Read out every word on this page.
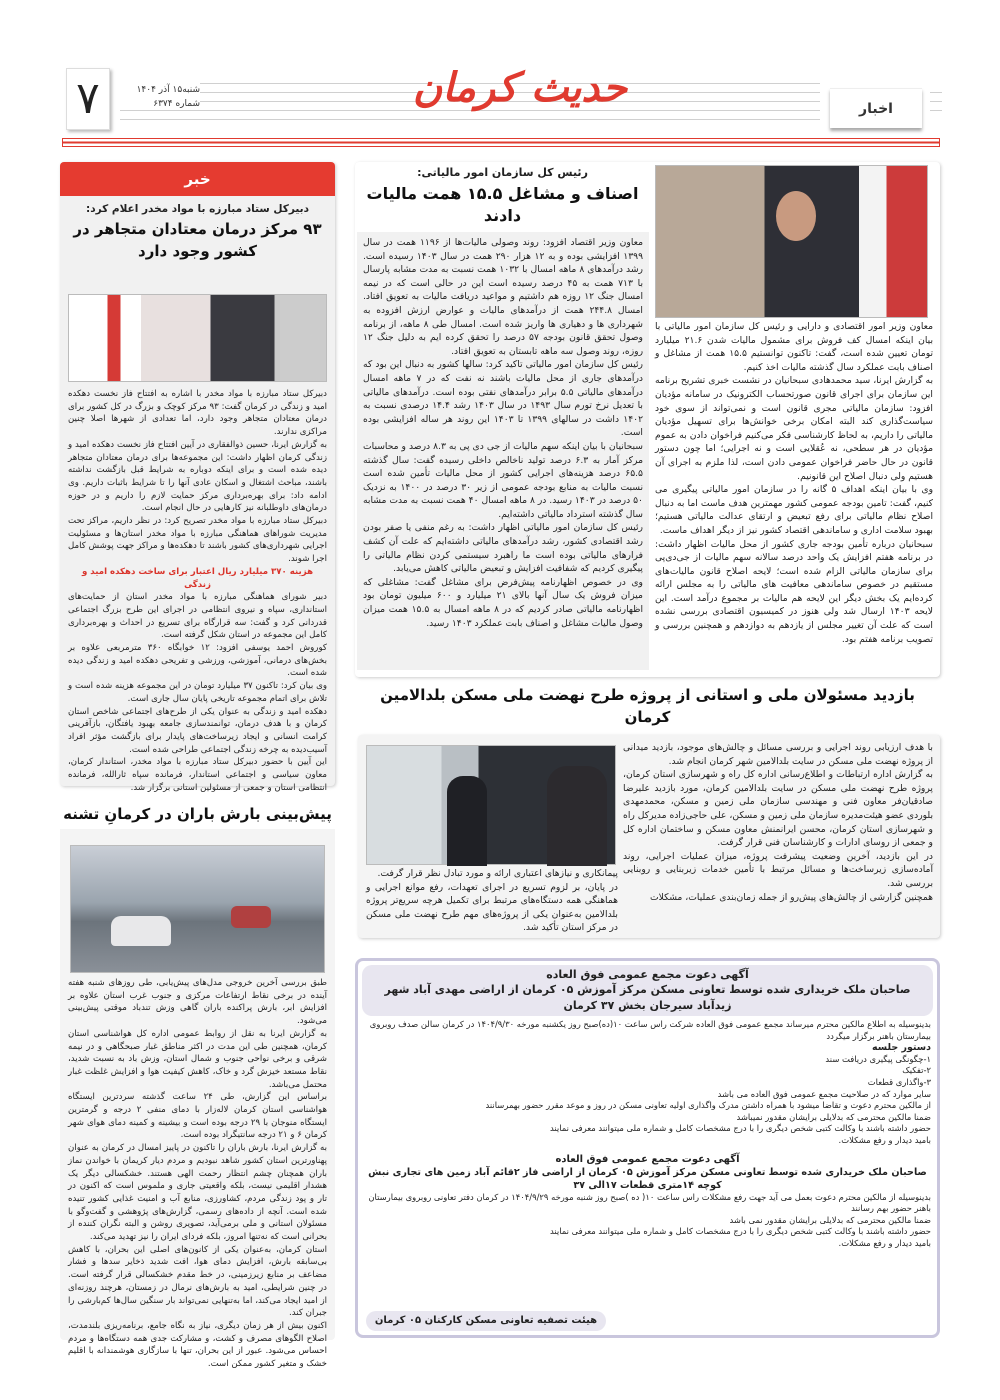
۷	شنبه۱۵ آذر ۱۴۰۴
شماره ۶۳۷۴	حدیث کرمان	اخبار
خبر
دبیرکل ستاد مبارزه با مواد مخدر اعلام کرد:
۹۳ مرکز درمان معتادان متجاهر در کشور وجود دارد

دبیرکل ستاد مبارزه با مواد مخدر با اشاره به افتتاح فاز نخست دهکده امید و زندگی در کرمان گفت: ۹۳ مرکز کوچک و بزرگ در کل کشور برای درمان معتادان متجاهر وجود دارد، اما تعدادی از شهرها اصلا چنین مراکزی ندارند.

به گزارش ایرنا، حسین ذوالفقاری در آیین افتتاح فاز نخست دهکده امید و زندگی کرمان اظهار داشت: این مجموعه‌ها برای درمان معتادان متجاهر دیده شده است و برای اینکه دوباره به شرایط قبل بازگشت نداشته باشند، مباحث اشتغال و اسکان عادی آنها را تا شرایط باثبات داریم. وی ادامه داد: برای بهره‌برداری مرکز حمایت لازم را داریم و در حوزه درمان‌های داوطلبانه نیز کارهایی در حال انجام است.

دبیرکل ستاد مبارزه با مواد مخدر تصریح کرد: در نظر داریم، مراکز تحت مدیریت شوراهای هماهنگی مبارزه با مواد مخدر استان‌ها و مسئولیت اجرایی شهرداری‌های کشور باشند تا دهکده‌ها و مراکز جهت پوشش کامل اجرا شوند.

هزینه ۳۷۰ میلیارد ریال اعتبار برای ساخت دهکده امید و زندگی

دبیر شورای هماهنگی مبارزه با مواد مخدر استان از حمایت‌های استانداری، سپاه و نیروی انتظامی در اجرای این طرح بزرگ اجتماعی قدردانی کرد و گفت: سه قرارگاه برای تسریع در احداث و بهره‌برداری کامل این مجموعه در استان شکل گرفته است.

کوروش احمد یوسفی افزود: ۱۲ خوابگاه ۳۶۰ مترمربعی علاوه بر بخش‌های درمانی، آموزشی، ورزشی و تفریحی دهکده امید و زندگی دیده شده است.

وی بیان کرد: تاکنون ۳۷ میلیارد تومان در این مجموعه هزینه شده است و تلاش برای اتمام مجموعه تاریخی پایان سال جاری است.

دهکده امید و زندگی به عنوان یکی از طرح‌های اجتماعی شاخص استان کرمان و با هدف درمان، توانمندسازی جامعه بهبود یافتگان، بازآفرینی کرامت انسانی و ایجاد زیرساخت‌های پایدار برای بازگشت مؤثر افراد آسیب‌دیده به چرخه زندگی اجتماعی طراحی شده است.

این آیین با حضور دبیرکل ستاد مبارزه با مواد مخدر، استاندار کرمان، معاون سیاسی و اجتماعی استاندار، فرمانده سپاه ثارالله، فرمانده انتظامی استان و جمعی از مسئولین استانی برگزار شد.

پیش‌بینی بارش باران در کرمانِ تشنه

طبق بررسی آخرین خروجی مدل‌های پیش‌یابی، طی روزهای شنبه هفته آینده در برخی نقاط ارتفاعات مرکزی و جنوب غرب استان علاوه بر افزایش ابر، بارش پراکنده باران گاهی وزش تندباد موقتی پیش‌بینی می‌شود.

به گزارش ایرنا به نقل از روابط عمومی اداره کل هواشناسی استان کرمان، همچنین طی این مدت در اکثر مناطق غبار صبحگاهی و در نیمه شرقی و برخی نواحی جنوب و شمال استان، وزش باد به نسبت شدید، نقاط مستعد خیزش گرد و خاک، کاهش کیفیت هوا و افزایش غلظت غبار محتمل می‌باشد.

براساس این گزارش، طی ۲۴ ساعت گذشته سردترین ایستگاه هواشناسی استان کرمان لاله‌زار با دمای منفی ۲ درجه و گرمترین ایستگاه منوجان با ۲۹ درجه بوده است و بیشینه و کمینه دمای هوای شهر کرمان ۶ و ۲۱ درجه سانتیگراد بوده است.

به گزارش ایرنا، بارش باران را تاکنون در پاییز امسال در کرمان به عنوان پهناورترین استان کشور شاهد نبودیم و مردم دیار کریمان با خواندن نماز باران همچنان چشم انتظار رحمت الهی هستند. خشکسالی دیگر یک هشدار اقلیمی نیست، بلکه واقعیتی جاری و ملموس است که اکنون در تار و پود زندگی مردم، کشاورزی، منابع آب و امنیت غذایی کشور تنیده شده است. آنچه از داده‌های رسمی، گزارش‌های پژوهشی و گفت‌وگو با مسئولان استانی و ملی برمی‌آید، تصویری روشن و البته نگران کننده از بحرانی است که نه‌تنها امروز، بلکه فردای ایران را نیز تهدید می‌کند.

استان کرمان، به‌عنوان یکی از کانون‌های اصلی این بحران، با کاهش بی‌سابقه بارش، افزایش دمای هوا، افت شدید ذخایر سدها و فشار مضاعف بر منابع زیرزمینی، در خط مقدم خشکسالی قرار گرفته است. در چنین شرایطی، امید به بارش‌های نرمال در زمستان، هرچند روزنه‌ای از امید ایجاد می‌کند، اما به‌تنهایی نمی‌تواند بار سنگین سال‌ها کم‌بارشی را جبران کند.

اکنون بیش از هر زمان دیگری، نیاز به نگاه جامع، برنامه‌ریزی بلندمدت، اصلاح الگوهای مصرف و کشت، و مشارکت جدی همه دستگاه‌ها و مردم احساس می‌شود. عبور از این بحران، تنها با سازگاری هوشمندانه با اقلیم خشک و متغیر کشور ممکن است.

رئیس کل سازمان امور مالیاتی:
اصناف و مشاغل ۱۵.۵ همت مالیات دادند

معاون وزیر اقتصاد افزود: روند وصولی مالیات‌ها از ۱۱۹۶ همت در سال ۱۳۹۹ افزایشی بوده و به ۱۲ هزار ۲۹۰ همت در سال ۱۴۰۳ رسیده است. رشد درآمدهای ۸ ماهه امسال با ۱۰۳۲ همت نسبت به مدت مشابه پارسال با ۷۱۳ همت به ۴۵ درصد رسیده است این در حالی است که در نیمه امسال جنگ ۱۲ روزه هم داشتیم و مواعید دریافت مالیات به تعویق افتاد. امسال ۲۴۴.۸ همت از درآمدهای مالیات و عوارض ارزش افزوده به شهرداری ها و دهیاری ها واریز شده است. امسال طی ۸ ماهه، از برنامه وصول تحقق قانون بودجه ۵۷ درصد را تحقق کرده ایم به دلیل جنگ ۱۲ روزه، روند وصول سه ماهه تابستان به تعویق افتاد.

رئیس کل سازمان امور مالیاتی تاکید کرد: سالها کشور به دنبال این بود که درآمدهای جاری از محل مالیات باشند نه نفت که در ۷ ماهه امسال درآمدهای مالیاتی ۵.۵ برابر درآمدهای نفتی بوده است. درآمدهای مالیاتی با تعدیل نرخ تورم سال ۱۴۹۳ در سال ۱۴۰۳ رشد ۱۴.۴ درصدی نسبت به ۱۴۰۲ داشت در سالهای ۱۳۹۹ تا ۱۴۰۳ این روند هر ساله افزایشی بوده است.

سبحانیان با بیان اینکه سهم مالیات از جی دی پی به ۸.۳ درصد و محاسبات مرکز آمار به ۶.۳ درصد تولید ناخالص داخلی رسیده گفت: سال گذشته ۶۵.۵ درصد هزینه‌های اجرایی کشور از محل مالیات تأمین شده است نسبت مالیات به منابع بودجه عمومی از زیر ۳۰ درصد در ۱۴۰۰ به نزدیک ۵۰ درصد در ۱۴۰۳ رسید. در ۸ ماهه امسال ۴۰ همت نسبت به مدت مشابه سال گذشته استرداد مالیاتی داشته‌ایم.

رئیس کل سازمان امور مالیاتی اظهار داشت: به رغم منفی یا صفر بودن رشد اقتصادی کشور، رشد درآمدهای مالیاتی داشته‌ایم که علت آن کشف فرارهای مالیاتی بوده است ما راهبرد سیستمی کردن نظام مالیاتی را پیگیری کردیم که شفافیت افزایش و تبعیض مالیاتی کاهش می‌یابد.

وی در خصوص اظهارنامه پیش‌فرض برای مشاغل گفت: مشاغلی که میزان فروش یک سال آنها بالای ۲۱ میلیارد و ۶۰۰ میلیون تومان بود اظهارنامه مالیاتی صادر کردیم که در ۸ ماهه امسال به ۱۵.۵ همت میزان وصول مالیات مشاغل و اصناف بابت عملکرد ۱۴۰۳ رسید.

معاون وزیر امور اقتصادی و دارایی و رئیس کل سازمان امور مالیاتی با بیان اینکه امسال کف فروش برای مشمول مالیات شدن ۲۱.۶ میلیارد تومان تعیین شده است، گفت: تاکنون توانستیم ۱۵.۵ همت از مشاغل و اصناف بابت عملکرد سال گذشته مالیات اخذ کنیم.

به گزارش ایرنا، سید محمدهادی سبحانیان در نشست خبری تشریح برنامه این سازمان برای اجرای قانون صورتحساب الکترونیک در سامانه مؤدیان افزود: سازمان مالیاتی مجری قانون است و نمی‌تواند از سوی خود سیاست‌گذاری کند البته امکان برخی خوانش‌ها برای تسهیل مؤدیان مالیاتی را داریم، به لحاظ کارشناسی فکر می‌کنیم فراخوان دادن به عموم مؤدیان در هر سطحی، نه عُقلایی است و نه اجرایی؛ اما چون دستور قانون در حال حاضر فراخوان عمومی دادن است، لذا ملزم به اجرای آن هستیم ولی دنبال اصلاح این قانونیم.

وی با بیان اینکه اهداف ۵ گانه را در سازمان امور مالیاتی پیگیری می کنیم، گفت: تامین بودجه عمومی کشور مهمترین هدف ماست اما به دنبال اصلاح نظام مالیاتی برای رفع تبعیض و ارتقای عدالت مالیاتی هستیم؛ بهبود سلامت اداری و ساماندهی اقتصاد کشور نیز از دیگر اهداف ماست.

سبحانیان درباره تأمین بودجه جاری کشور از محل مالیات اظهار داشت: در برنامه هفتم افزایش یک واحد درصد سالانه سهم مالیات از جی‌دی‌پی برای سازمان مالیاتی الزام شده است؛ لایحه اصلاح قانون مالیات‌های مستقیم در خصوص ساماندهی معافیت های مالیاتی را به مجلس ارائه کرده‌ایم یک بخش دیگر این لایحه هم مالیات بر مجموع درآمد است. این لایحه ۱۴۰۳ ارسال شد ولی هنوز در کمیسیون اقتصادی بررسی نشده است که علت آن تغییر مجلس از یازدهم به دوازدهم و همچنین بررسی و تصویب برنامه هفتم بود.

بازدید مسئولان ملی و استانی از پروژه طرح نهضت ملی مسکن بلدالامین کرمان

با هدف ارزیابی روند اجرایی و بررسی مسائل و چالش‌های موجود، بازدید میدانی از پروژه نهضت ملی مسکن در سایت بلدالامین شهر کرمان انجام شد.

به گزارش اداره ارتباطات و اطلاع‌رسانی اداره کل راه و شهرسازی استان کرمان، پروژه طرح نهضت ملی مسکن در سایت بلدالامین کرمان، مورد بازدید علیرضا صادقیان‌فر معاون فنی و مهندسی سازمان ملی زمین و مسکن، محمدمهدی بلوردی عضو هیئت‌مدیره سازمان ملی زمین و مسکن، علی حاجی‌زاده مدیرکل راه و شهرسازی استان کرمان، محسن ایرانمنش معاون مسکن و ساختمان اداره کل و جمعی از روسای ادارات و کارشناسان فنی قرار گرفت.

در این بازدید، آخرین وضعیت پیشرفت پروژه، میزان عملیات اجرایی، روند آماده‌سازی زیرساخت‌ها و مسائل مرتبط با تأمین خدمات زیربنایی و روبنایی بررسی شد.

همچنین گزارشی از چالش‌های پیش‌رو از جمله زمان‌بندی عملیات، مشکلات

پیمانکاری و نیازهای اعتباری ارائه و مورد تبادل نظر قرار گرفت.

در پایان، بر لزوم تسریع در اجرای تعهدات، رفع موانع اجرایی و هماهنگی همه دستگاه‌های مرتبط برای تکمیل هرچه سریع‌تر پروژه بلدالامین به‌عنوان یکی از پروژه‌های مهم طرح نهضت ملی مسکن در مرکز استان تأکید شد.

آگهی دعوت مجمع عمومی فوق العاده
صاحبان ملک خریداری شده توسط تعاونی مسکن مرکز آموزش ۰۵ کرمان از اراضی مهدی آباد شهر زیدآباد سیرجان بخش ۳۷ کرمان

بدینوسیله به اطلاع مالکین محترم میرساند مجمع عمومی فوق العاده شرکت راس ساعت ۱۰(ده)صبح روز یکشنبه مورخه ۱۴۰۴/۹/۳۰ در کرمان سالن صدف روبروی بیمارستان باهنر برگزار میگردد

دستور جلسه

۱-چگونگی پیگیری دریافت سند

۲-تفکیک

۳-واگذاری قطعات

سایر موارد که در صلاحیت مجمع عمومی فوق العاده می باشد

از مالکین محترم دعوت و تقاضا میشود با همراه داشتن مدرک واگذاری اولیه تعاونی مسکن در روز و موعد مقرر حضور بهمرسانند

ضمنا مالکین محترمی که بدلایلی برایشان مقدور نمیباشد

حضور داشته باشند با وکالت کتبی شخص دیگری را با درج مشخصات کامل و شماره ملی میتوانند معرفی نمایند

بامید دیدار و رفع مشکلات.

آگهی دعوت مجمع عمومی فوق العاده
صاحبان ملک خریداری شده توسط تعاونی مسکن مرکز آموزش ۰۵ کرمان از اراضی فاز ۲قائم آباد زمین های تجاری نبش کوچه ۱۴متری قطعات ۱۷الی ۳۷

بدینوسیله از مالکین محترم دعوت بعمل می آید جهت رفع مشکلات راس ساعت ۱۰( ده )صبح روز شنبه مورخه ۱۴۰۴/۹/۲۹ در کرمان دفتر تعاونی روبروی بیمارستان باهنر حضور بهم رسانند

ضمنا مالکین محترمی که بدلایلی برایشان مقدور نمی باشد

حضور داشته باشند با وکالت کتبی شخص دیگری را با درج مشخصات کامل و شماره ملی میتوانند معرفی نمایند

بامید دیدار و رفع مشکلات.

هیئت تصفیه تعاونی مسکن کارکنان ۰۵ کرمان
